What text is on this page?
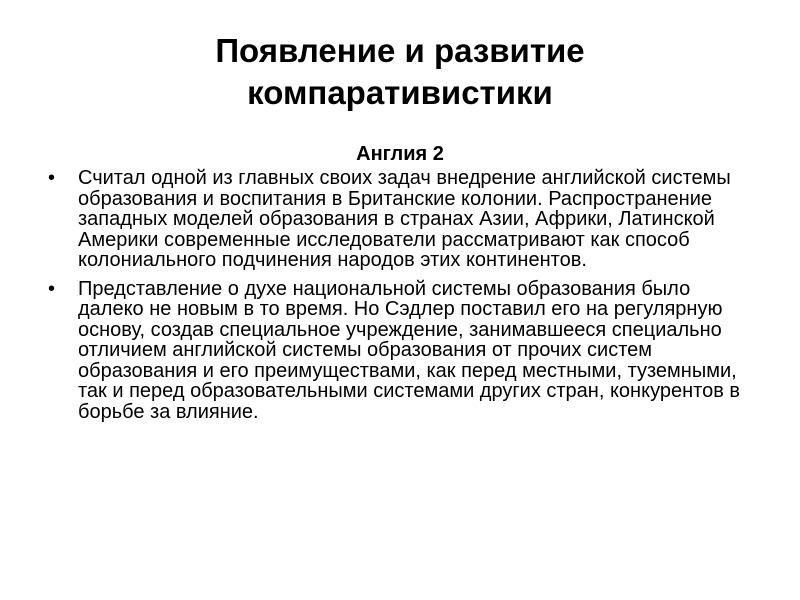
Появление и развитие
компаративистики
Англия 2
•	Считал одной из главных своих задач внедрение английской системы образования и воспитания в Британские колонии. Распространение западных моделей образования в странах Азии, Африки, Латинской Америки современные исследователи рассматривают как способ колониального подчинения народов этих континентов.
•	Представление о духе национальной системы образования было далеко не новым в то время. Но Сэдлер поставил его на регулярную основу, создав специальное учреждение, занимавшееся специально отличием английской системы образования от прочих систем образования и его преимуществами, как перед местными, туземными, так и перед образовательными системами других стран, конкурентов в борьбе за влияние.
